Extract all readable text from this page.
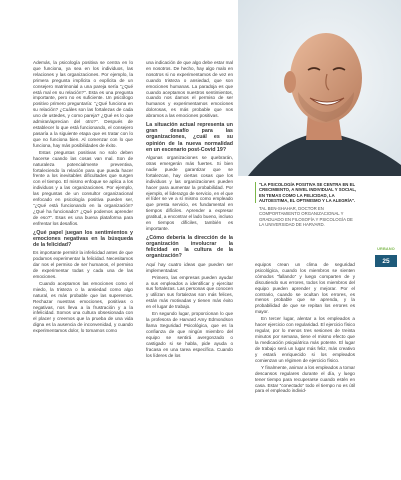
Además, la psicología positiva se centra en lo que funciona, ya sea en los individuos, las relaciones y las organizaciones. Por ejemplo, la primera pregunta implícita o explícita de un consejero matrimonial a una pareja sería "¿Qué está mal en su relación?". Esta es una pregunta importante, pero no es suficiente. Un psicólogo positivo primero preguntaría: "¿Qué funciona en su relación? ¿Cuáles son las fortalezas de cada uno de ustedes, y como pareja? ¿Qué es lo que admiran/aprecian del otro?". Después de establecer lo que está funcionando, el consejero pasaría a la siguiente etapa que es tratar con lo que no funciona bien. Al comenzar con lo que funciona, hay más posibilidades de éxito.

Estas preguntas positivas no solo deben hacerse cuando las cosas van mal. Son de naturaleza potencialmente preventiva, fortaleciendo la relación para que pueda hacer frente a los inevitables dificultades que surgen con el tiempo. El mismo enfoque se aplica a los individuos y a las organizaciones. Por ejemplo, las preguntas de un consultor organizacional enfocado en psicología positiva pueden ser, "¿Qué está funcionando en la organización? ¿Qué ha funcionado? ¿Qué podemos aprender de eso?". Esas es una buena plataforma para enfrentar los desafíos.

¿Qué papel juegan los sentimientos y emociones negativas en la búsqueda de la felicidad?

Es importante permitir la infelicidad antes de que podamos experimentar la felicidad. Necesitamos dar nos el permiso de ser humanos, el permiso de experimentar todas y cada una de las emociones.

Cuando aceptamos las emociones como el miedo, la tristeza o la ansiedad como algo natural, es más probable que las superemos. Rechazar nuestras emociones, positivas o negativas, nos lleva a la frustración y a la infelicidad. Somos una cultura obsesionada con el placer y creemos que la prueba de una vida digna es la ausencia de inconvenidad, y cuando experimentamos dolor, lo tomamos como

una indicación de que algo debe estar mal en nosotros. De hecho, hay algo malo en nosotros si no experimentamos de vez en cuando tristeza o ansiedad, que son emociones humanas. La paradoja es que cuando aceptamos nuestros sentimientos, cuando nos damos el permiso de ser humanos y experimentamos emociones dolorosas, es más probable que nos abramos a las emociones positivas.

La situación actual representa un gran desafío para las organizaciones, ¿cuál es su opinión de la nueva normalidad en un escenario post-Covid 19?

Algunas organizaciones se quebrarán, otras emergerán más fuertes. Si bien nadie puede garantizar que se fortalezcan, hay ciertas cosas que los individuos y las organizaciones pueden hacer para aumentar la probabilidad. Por ejemplo, el liderazgo de servicio, en el que el líder se ve a sí mismo como empleado que presta servicio, es fundamental en tiempos difíciles. Aprender a expresar gratitud, a encontrar el lado bueno, incluso en tiempos difíciles, también es importante.

¿Cómo debería la dirección de la organización involucrar la felicidad en la cultura de la organización?

Aquí hay cuatro ideas que pueden ser implementadas:

Primero, las empresas pueden ayudar a sus empleados a identificar y ejercitar sus fortalezas. Las personas que conocen y utilizan sus fortalezas son más felices, están más motivadas y tienen más éxito en el lugar de trabajo.

En segundo lugar, proporcionan lo que la profesora de Harvard Amy Edmondson llama Seguridad Psicológica, que es la confianza de que ningún miembro del equipo se sentirá avergonzado o castigado si se habla, pide ayuda o fracasa en una tarea específica. Cuando los líderes de los

"LA PSICOLOGÍA POSITIVA SE CENTRA EN EL CRECIMIENTO, A NIVEL INDIVIDUAL Y SOCIAL, EN TEMAS COMO LA FELICIDAD, LA AUTOESTIMA, EL OPTIMISMO Y LA ALEGRÍA".
TAL BEN-SHAHAR, DOCTOR EN COMPORTAMIENTO ORGANIZACIONAL Y GRADUADO EN FILOSOFÍA Y PSICOLOGÍA DE LA UNIVERSIDAD DE HARVARD.

equipos crean un clima de seguridad psicológica, cuando los miembros se sienten cómodos "fallando" y luego comparten de y discutiendo sus errores, todos los miembros del equipo pueden aprender y mejorar. Por el contrario, cuando se ocultan los errores, es menos probable que se aprenda, y la probabilidad de que se repitan los errores es mayor.

En tercer lugar, alentar a los empleados a hacer ejercicio con regularidad. El ejercicio físico regular, por lo menos tres sesiones de treinta minutos por semana, tiene el mismo efecto que la medicación psiquiátrica más potente. El lugar de trabajo será un lugar más feliz, más creativo y estará enriquecido si los empleados comienzan un régimen de ejercicio físico.

Y finalmente, animar a los empleados a tomar descansos regulares durante el día, y luego tener tiempo para recuperarse cuando estén en casa. Estar "conectado" todo el tiempo no es útil para el empleado individ-

URBANO
25
